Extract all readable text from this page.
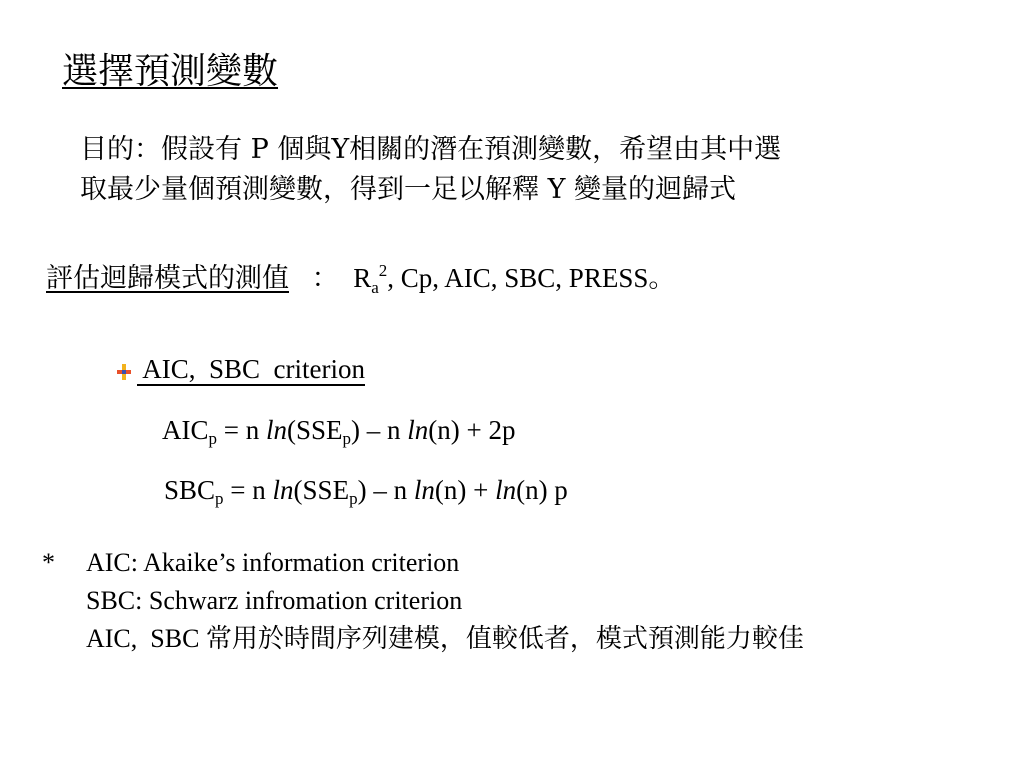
選擇預測變數
目的：假設有 P 個與Y相關的潛在預測變數，希望由其中選
取最少量個預測變數，得到一足以解釋 Y 變量的迴歸式
評估迴歸模式的測值 ： $R_a^2$, Cp, AIC, SBC, PRESS。
AIC,  SBC  criterion
$AIC_p = n$ $\ln(SSE_p)$ – n ln(n) + 2p
$SBC_p = n$ $\ln(SSE_p)$ – n ln(n) + ln(n) p
* AIC: Akaike’s information criterion
SBC: Schwarz infromation criterion
AIC,  SBC 常用於時間序列建模，值較低者，模式預測能力較佳
